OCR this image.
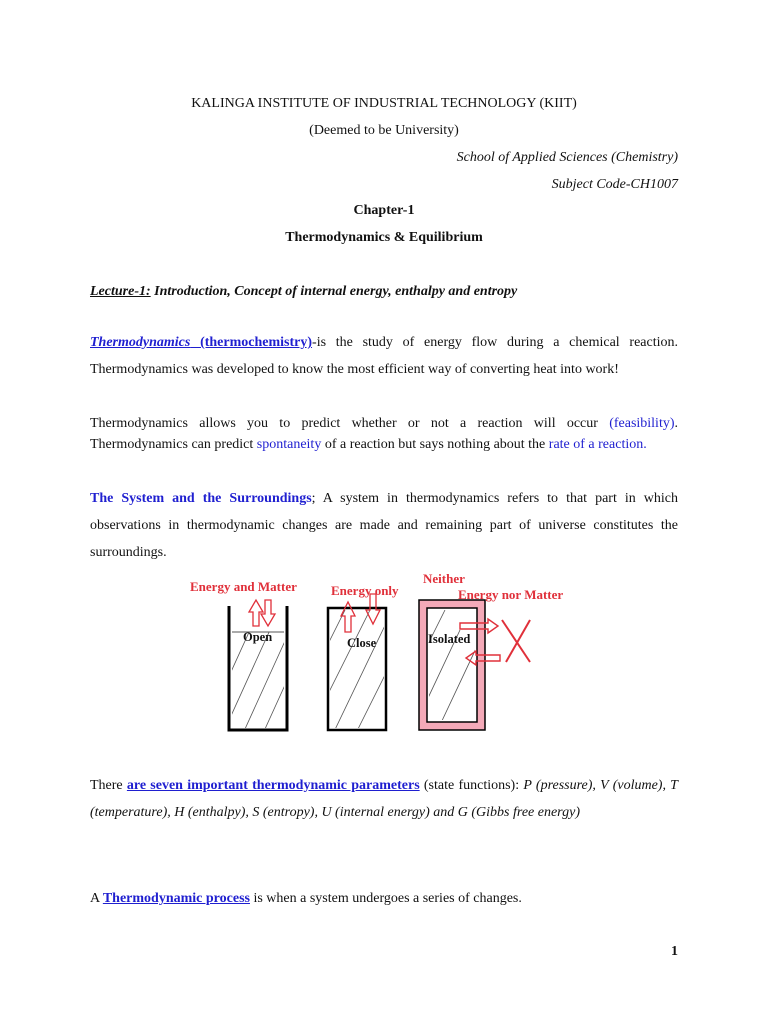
KALINGA INSTITUTE OF INDUSTRIAL TECHNOLOGY (KIIT)
(Deemed to be University)
School of Applied Sciences (Chemistry)
Subject Code-CH1007
Chapter-1
Thermodynamics & Equilibrium
Lecture-1: Introduction, Concept of internal energy, enthalpy and entropy
Thermodynamics (thermochemistry)-is the study of energy flow during a chemical reaction.
Thermodynamics was developed to know the most efficient way of converting heat into work!
Thermodynamics allows you to predict whether or not a reaction will occur (feasibility). Thermodynamics can predict spontaneity of a reaction but says nothing about the rate of a reaction.
The System and the Surroundings; A system in thermodynamics refers to that part in which observations in thermodynamic changes are made and remaining part of universe constitutes the surroundings.
Energy and Matter	Energy only
Neither
Energy nor Matter
Open	Close	Isolated
There are seven important thermodynamic parameters (state functions): P (pressure), V (volume), T (temperature), H (enthalpy), S (entropy), U (internal energy) and G (Gibbs free energy)
A Thermodynamic process is when a system undergoes a series of changes.
1
